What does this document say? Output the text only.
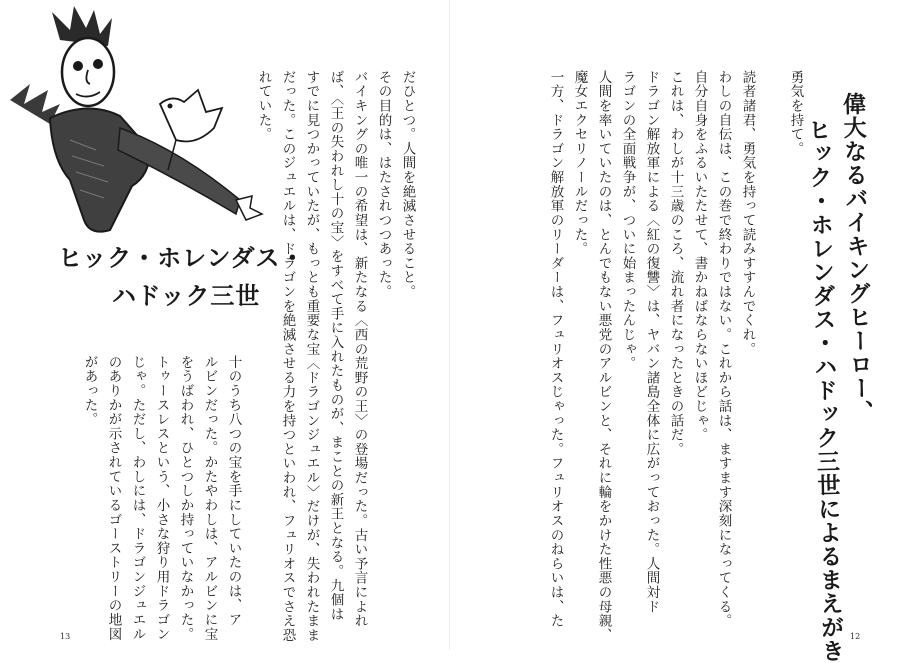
偉大なるバイキングヒーロー、
ヒック・ホレンダス・ハドック三世によるまえがき
勇気を持て。
読者諸君、勇気を持って読みすすんでくれ。
わしの自伝は、この巻で終わりではない。これから話は、ますます深刻になってくる。
自分自身をふるいたたせて、書かねばならないほどじゃ。
これは、わしが十三歳のころ、流れ者になったときの話だ。
ドラゴン解放軍による〈紅の復讐〉は、ヤバン諸島全体に広がっておった。人間対ド
ラゴンの全面戦争が、ついに始まったんじゃ。
人間を率いていたのは、とんでもない悪党のアルビンと、それに輪をかけた性悪の母親、
魔女エクセリノールだった。
一方、ドラゴン解放軍のリーダーは、フュリオスじゃった。フュリオスのねらいは、た
12
ヒック・ホレンダス・
ハドック三世	だひとつ。人間を絶滅させること。
その目的は、はたされつつあった。
バイキングの唯一の希望は、新たなる〈西の荒野の王〉の登場だった。古い予言によれ
ば、〈王の失われし十の宝〉をすべて手に入れたものが、まことの新王となる。九個は
すでに見つかっていたが、もっとも重要な宝〈ドラゴンジュエル〉だけが、失われたまま
だった。このジュエルは、ドラゴンを絶滅させる力を持つといわれ、フュリオスでさえ恐
れていた。
十のうち八つの宝を手にしていたのは、ア
ルビンだった。かたやわしは、アルビンに宝
をうばわれ、ひとつしか持っていなかった。
トゥースレスという、小さな狩り用ドラゴン
じゃ。ただし、わしには、ドラゴンジュエル
のありかが示されているゴーストリーの地図
があった。
13
